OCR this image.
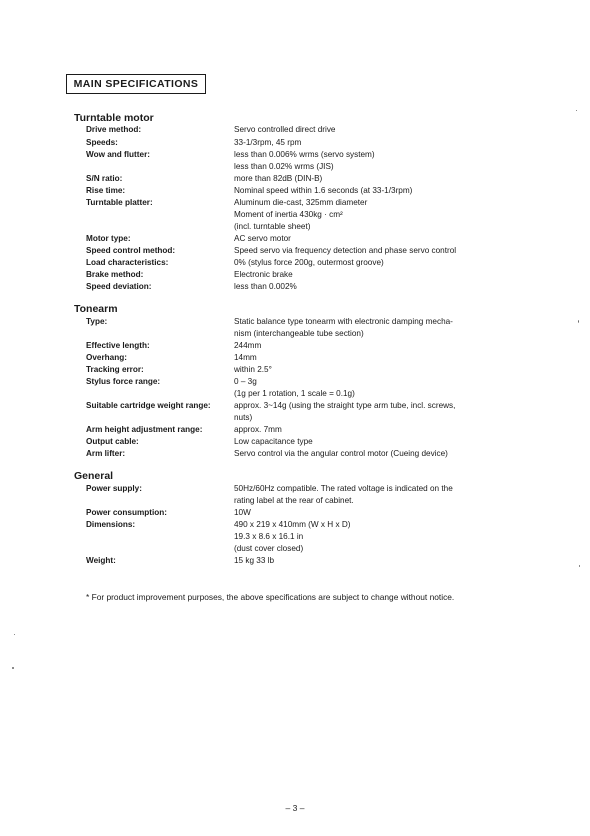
MAIN SPECIFICATIONS
Turntable motor
Drive method:
Speeds:
Wow and flutter:
S/N ratio:
Rise time:
Turntable platter:
Motor type:
Speed control method:
Load characteristics:
Brake method:
Speed deviation:
Servo controlled direct drive
33-1/3rpm, 45 rpm
less than 0.006% wrms (servo system)
less than 0.02% wrms (JIS)
more than 82dB (DIN-B)
Nominal speed within 1.6 seconds (at 33-1/3rpm)
Aluminum die-cast, 325mm diameter
Moment of inertia 430kg · cm²
(incl. turntable sheet)
AC servo motor
Speed servo via frequency detection and phase servo control
0% (stylus force 200g, outermost groove)
Electronic brake
less than 0.002%
Tonearm
Type:
Effective length:
Overhang:
Tracking error:
Stylus force range:
Suitable cartridge weight range:
Arm height adjustment range:
Output cable:
Arm lifter:
Static balance type tonearm with electronic damping mecha-
nism (interchangeable tube section)
244mm
14mm
within 2.5°
0 – 3g
(1g per 1 rotation, 1 scale = 0.1g)
approx. 3~14g (using the straight type arm tube, incl. screws,
nuts)
approx. 7mm
Low capacitance type
Servo control via the angular control motor (Cueing device)
General
Power supply:
Power consumption:
Dimensions:
Weight:
50Hz/60Hz compatible. The rated voltage is indicated on the
rating label at the rear of cabinet.
10W
490 x 219 x 410mm (W x H x D)
19.3 x 8.6 x 16.1 in
(dust cover closed)
15 kg 33 lb
* For product improvement purposes, the above specifications are subject to change without notice.
– 3 –
